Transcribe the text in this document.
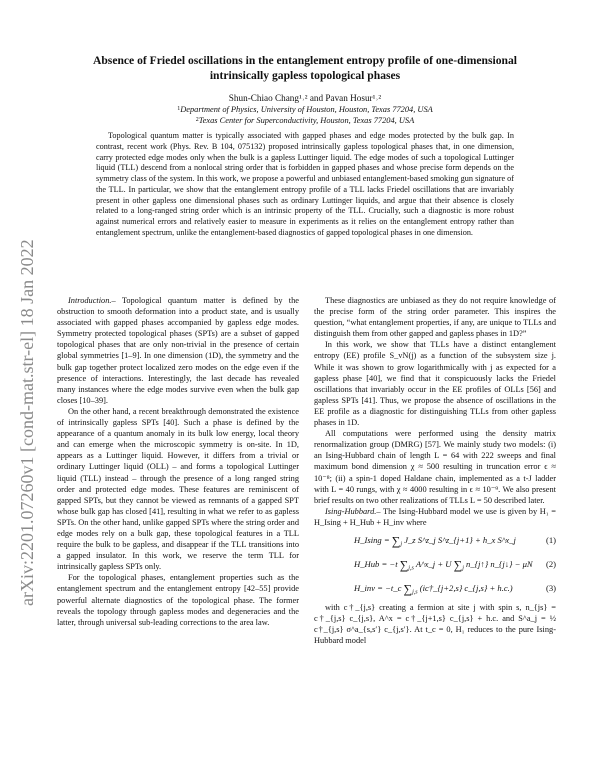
arXiv:2201.07260v1 [cond-mat.str-el] 18 Jan 2022
Absence of Friedel oscillations in the entanglement entropy profile of one-dimensional
intrinsically gapless topological phases
Shun-Chiao Chang¹˒² and Pavan Hosur¹˒²
$^1$Department of Physics, University of Houston, Houston, Texas 77204, USA
$^2$Texas Center for Superconductivity, Houston, Texas 77204, USA
Topological quantum matter is typically associated with gapped phases and edge modes protected by the bulk gap. In contrast, recent work (Phys. Rev. B 104, 075132) proposed intrinsically gapless topological phases that, in one dimension, carry protected edge modes only when the bulk is a gapless Luttinger liquid. The edge modes of such a topological Luttinger liquid (TLL) descend from a nonlocal string order that is forbidden in gapped phases and whose precise form depends on the symmetry class of the system. In this work, we propose a powerful and unbiased entanglement-based smoking gun signature of the TLL. In particular, we show that the entanglement entropy profile of a TLL lacks Friedel oscillations that are invariably present in other gapless one dimensional phases such as ordinary Luttinger liquids, and argue that their absence is closely related to a long-ranged string order which is an intrinsic property of the TLL. Crucially, such a diagnostic is more robust against numerical errors and relatively easier to measure in experiments as it relies on the entanglement entropy rather than entanglement spectrum, unlike the entanglement-based diagnostics of gapped topological phases in one dimension.

Introduction.– Topological quantum matter is defined by the obstruction to smooth deformation into a product state, and is usually associated with gapped phases accompanied by gapless edge modes. Symmetry protected topological phases (SPTs) are a subset of gapped topological phases that are only non-trivial in the presence of certain global symmetries [1–9]. In one dimension (1D), the symmetry and the bulk gap together protect localized zero modes on the edge even if the presence of interactions. Interestingly, the last decade has revealed many instances where the edge modes survive even when the bulk gap closes [10–39].

On the other hand, a recent breakthrough demonstrated the existence of intrinsically gapless SPTs [40]. Such a phase is defined by the appearance of a quantum anomaly in its bulk low energy, local theory and can emerge when the microscopic symmetry is on-site. In 1D, appears as a Luttinger liquid. However, it differs from a trivial or ordinary Luttinger liquid (OLL) – and forms a topological Luttinger liquid (TLL) instead – through the presence of a long ranged string order and protected edge modes. These features are reminiscent of gapped SPTs, but they cannot be viewed as remnants of a gapped SPT whose bulk gap has closed [41], resulting in what we refer to as gapless SPTs. On the other hand, unlike gapped SPTs where the string order and edge modes rely on a bulk gap, these topological features in a TLL require the bulk to be gapless, and disappear if the TLL transitions into a gapped insulator. In this work, we reserve the term TLL for intrinsically gapless SPTs only.

For the topological phases, entanglement properties such as the entanglement spectrum and the entanglement entropy [42–55] provide powerful alternate diagnostics of the topological phase. The former reveals the topology through gapless modes and degeneracies and the latter, through universal sub-leading corrections to the area law.

These diagnostics are unbiased as they do not require knowledge of the precise form of the string order parameter. This inspires the question, “what entanglement properties, if any, are unique to TLLs and distinguish them from other gapped and gapless phases in 1D?”

In this work, we show that TLLs have a distinct entanglement entropy (EE) profile S_vN(j) as a function of the subsystem size j. While it was shown to grow logarithmically with j as expected for a gapless phase [40], we find that it conspicuously lacks the Friedel oscillations that invariably occur in the EE profiles of OLLs [56] and gapless SPTs [41]. Thus, we propose the absence of oscillations in the EE profile as a diagnostic for distinguishing TLLs from other gapless phases in 1D.

All computations were performed using the density matrix renormalization group (DMRG) [57]. We mainly study two models: (i) an Ising-Hubbard chain of length L = 64 with 222 sweeps and final maximum bond dimension χ ≈ 500 resulting in truncation error ϵ ≈ 10⁻⁸; (ii) a spin-1 doped Haldane chain, implemented as a t-J ladder with L = 40 rungs, with χ ≈ 4000 resulting in ϵ ≈ 10⁻⁹. We also present brief results on two other realizations of TLLs L = 50 described later.

Ising-Hubbard.– The Ising-Hubbard model we use is given by H₁ = H_Ising + H_Hub + H_inv where

H_Ising = $\sum_j$ J_z S^z_j S^z_{j+1} + h_x S^x_j	(1)
H_Hub = −t $\sum_{j,s}$ A^x_j + U $\sum_j$ n_{j↑} n_{j↓} − μN (2)
H_inv = −t_c $\sum_{j,s}$ (ic†_{j+2,s} c_{j,s} + h.c.)	(3)

with c†_{j,s} creating a fermion at site j with spin s, n_{js} = c†_{j,s} c_{j,s}, A^x = c†_{j+1,s} c_{j,s} + h.c. and S^a_j = ½ c†_{j,s} σ^a_{s,s′} c_{j,s′}. At t_c = 0, H₁ reduces to the pure Ising-Hubbard model
